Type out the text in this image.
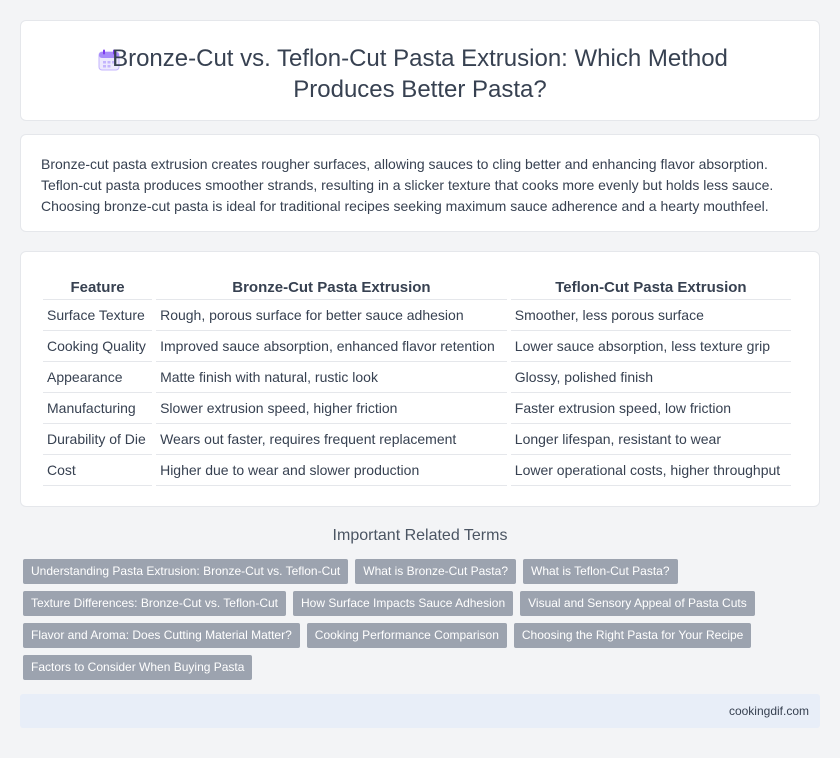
Bronze-Cut vs. Teflon-Cut Pasta Extrusion: Which Method Produces Better Pasta?

Bronze-cut pasta extrusion creates rougher surfaces, allowing sauces to cling better and enhancing flavor absorption. Teflon-cut pasta produces smoother strands, resulting in a slicker texture that cooks more evenly but holds less sauce. Choosing bronze-cut pasta is ideal for traditional recipes seeking maximum sauce adherence and a hearty mouthfeel.

Feature	Bronze-Cut Pasta Extrusion	Teflon-Cut Pasta Extrusion
Surface Texture	Rough, porous surface for better sauce adhesion	Smoother, less porous surface
Cooking Quality	Improved sauce absorption, enhanced flavor retention	Lower sauce absorption, less texture grip
Appearance	Matte finish with natural, rustic look	Glossy, polished finish
Manufacturing	Slower extrusion speed, higher friction	Faster extrusion speed, low friction
Durability of Die	Wears out faster, requires frequent replacement	Longer lifespan, resistant to wear
Cost	Higher due to wear and slower production	Lower operational costs, higher throughput
Important Related Terms
Understanding Pasta Extrusion: Bronze-Cut vs. Teflon-Cut	What is Bronze-Cut Pasta?	What is Teflon-Cut Pasta?
Texture Differences: Bronze-Cut vs. Teflon-Cut	How Surface Impacts Sauce Adhesion	Visual and Sensory Appeal of Pasta Cuts
Flavor and Aroma: Does Cutting Material Matter?	Cooking Performance Comparison	Choosing the Right Pasta for Your Recipe
Factors to Consider When Buying Pasta
cookingdif.com
